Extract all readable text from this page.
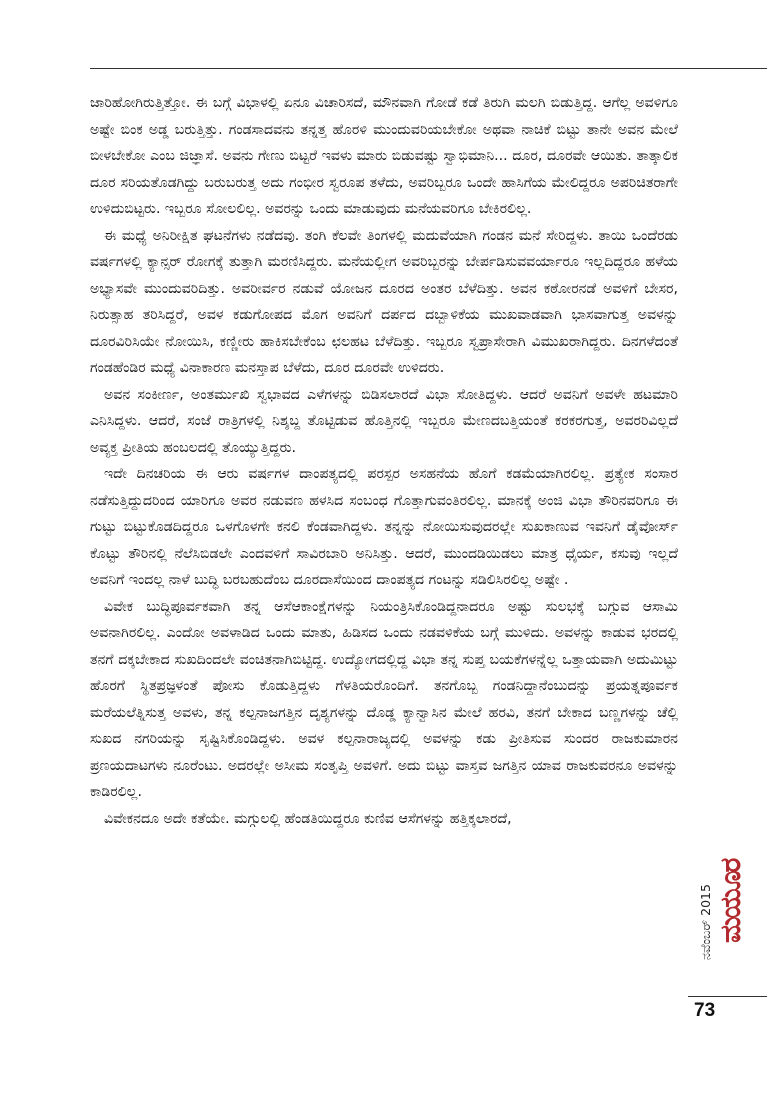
ಜಾರಿಹೋಗಿರುತ್ತಿತ್ತೋ. ಈ ಬಗ್ಗೆ ವಿಭಾಳಲ್ಲಿ ಏನೂ ವಿಚಾರಿಸದೆ, ಮೌನವಾಗಿ ಗೋಡೆ ಕಡೆ ತಿರುಗಿ ಮಲಗಿ ಬಿಡುತ್ತಿದ್ದ. ಆಗೆಲ್ಲ ಅವಳಿಗೂ ಅಷ್ಟೇ ಬಿಂಕ ಅಡ್ಡ ಬರುತ್ತಿತ್ತು. ಗಂಡಸಾದವನು ತನ್ನತ್ತ ಹೊರಳಿ ಮುಂದುವರಿಯಬೇಕೋ ಅಥವಾ ನಾಚಿಕೆ ಬಿಟ್ಟು ತಾನೇ ಅವನ ಮೇಲೆ ಬೀಳಬೇಕೋ ಎಂಬ ಜಿಜ್ಞಾಸೆ. ಅವನು ಗೇಣು ಬಿಟ್ಟರೆ ಇವಳು ಮಾರು ಬಿಡುವಷ್ಟು ಸ್ವಾಭಿಮಾನಿ... ದೂರ, ದೂರವೇ ಆಯಿತು. ತಾತ್ಕಾಲಿಕ ದೂರ ಸರಿಯತೊಡಗಿದ್ದು ಬರುಬರುತ್ತ ಅದು ಗಂಭೀರ ಸ್ವರೂಪ ತಳೆದು, ಅವರಿಬ್ಬರೂ ಒಂದೇ ಹಾಸಿಗೆಯ ಮೇಲಿದ್ದರೂ ಅಪರಿಚಿತರಾಗೇ ಉಳಿದುಬಿಟ್ಟರು. ಇಬ್ಬರೂ ಸೋಲಲಿಲ್ಲ. ಅವರನ್ನು ಒಂದು ಮಾಡುವುದು ಮನೆಯವರಿಗೂ ಬೇಕಿರಲಿಲ್ಲ.

ಈ ಮಧ್ಯೆ ಅನಿರೀಕ್ಷಿತ ಘಟನೆಗಳು ನಡೆದವು. ತಂಗಿ ಕೆಲವೇ ತಿಂಗಳಲ್ಲಿ ಮದುವೆಯಾಗಿ ಗಂಡನ ಮನೆ ಸೇರಿದ್ದಳು. ತಾಯಿ ಒಂದೆರಡು ವರ್ಷಗಳಲ್ಲಿ ಕ್ಯಾನ್ಸರ್ ರೋಗಕ್ಕೆ ತುತ್ತಾಗಿ ಮರಣಿಸಿದ್ದರು. ಮನೆಯಲ್ಲೀಗ ಅವರಿಬ್ಬರನ್ನು ಬೇರ್ಪಡಿಸುವವರ್ಯಾರೂ ಇಲ್ಲದಿದ್ದರೂ ಹಳೆಯ ಅಭ್ಯಾಸವೇ ಮುಂದುವರಿದಿತ್ತು. ಅವರೀರ್ವರ ನಡುವೆ ಯೋಜನ ದೂರದ ಅಂತರ ಬೆಳೆದಿತ್ತು. ಅವನ ಕಠೋರನಡೆ ಅವಳಿಗೆ ಬೇಸರ, ನಿರುತ್ಸಾಹ ತರಿಸಿದ್ದರೆ, ಅವಳ ಕಡುಗೋಪದ ಮೊಗ ಅವನಿಗೆ ದರ್ಪದ ದಬ್ಬಾಳಿಕೆಯ ಮುಖವಾಡವಾಗಿ ಭಾಸವಾಗುತ್ತ ಅವಳನ್ನು ದೂರವಿರಿಸಿಯೇ ನೋಯಿಸಿ, ಕಣ್ಣೀರು ಹಾಕಿಸಬೇಕೆಂಬ ಛಲಹಟ ಬೆಳೆದಿತ್ತು. ಇಬ್ಬರೂ ಸ್ವಪ್ರಾಸೇರಾಗಿ ವಿಮುಖರಾಗಿದ್ದರು. ದಿನಗಳೆದಂತೆ ಗಂಡಹೆಂಡಿರ ಮಧ್ಯೆ ವಿನಾಕಾರಣ ಮನಸ್ತಾಪ ಬೆಳೆದು, ದೂರ ದೂರವೇ ಉಳಿದರು.

ಅವನ ಸಂಕೀರ್ಣ, ಅಂತರ್ಮುಖಿ ಸ್ವಭಾವದ ಎಳೆಗಳನ್ನು ಬಿಡಿಸಲಾರದೆ ವಿಭಾ ಸೋತಿದ್ದಳು. ಆದರೆ ಅವನಿಗೆ ಅವಳೇ ಹಟಮಾರಿ ಎನಿಸಿದ್ದಳು. ಆದರೆ, ಸಂಜೆ ರಾತ್ರಿಗಳಲ್ಲಿ ನಿಶ್ಶಬ್ದ ತೊಟ್ಟಿಡುವ ಹೊತ್ತಿನಲ್ಲಿ ಇಬ್ಬರೂ ಮೇಣದಬತ್ತಿಯಂತೆ ಕರಕರಗುತ್ತ, ಅವರರಿವಿಲ್ಲದೆ ಅವ್ಯಕ್ತ ಪ್ರೀತಿಯ ಹಂಬಲದಲ್ಲಿ ತೊಯ್ಯುತ್ತಿದ್ದರು.

ಇದೇ ದಿನಚರಿಯ ಈ ಆರು ವರ್ಷಗಳ ದಾಂಪತ್ಯದಲ್ಲಿ ಪರಸ್ಪರ ಅಸಹನೆಯ ಹೊಗೆ ಕಡಮೆಯಾಗಿರಲಿಲ್ಲ. ಪ್ರತ್ಯೇಕ ಸಂಸಾರ ನಡೆಸುತ್ತಿದ್ದುದರಿಂದ ಯಾರಿಗೂ ಅವರ ನಡುವಣ ಹಳಸಿದ ಸಂಬಂಧ ಗೊತ್ತಾಗುವಂತಿರಲಿಲ್ಲ. ಮಾನಕ್ಕೆ ಅಂಜಿ ವಿಭಾ ತೌರಿನವರಿಗೂ ಈ ಗುಟ್ಟು ಬಿಟ್ಟುಕೊಡದಿದ್ದರೂ ಒಳಗೊಳಗೇ ಕನಲಿ ಕೆಂಡವಾಗಿದ್ದಳು. ತನ್ನನ್ನು ನೋಯಿಸುವುದರಲ್ಲೇ ಸುಖಕಾಣುವ ಇವನಿಗೆ ಡೈವೋರ್ಸ್ ಕೊಟ್ಟು ತೌರಿನಲ್ಲಿ ನೆಲೆಸಿಬಿಡಲೇ ಎಂದವಳಿಗೆ ಸಾವಿರಬಾರಿ ಅನಿಸಿತ್ತು. ಆದರೆ, ಮುಂದಡಿಯಿಡಲು ಮಾತ್ರ ಧೈರ್ಯ, ಕಸುವು ಇಲ್ಲದೆ ಅವನಿಗೆ ಇಂದಲ್ಲ ನಾಳೆ ಬುದ್ಧಿ ಬರಬಹುದೆಂಬ ದೂರದಾಸೆಯಿಂದ ದಾಂಪತ್ಯದ ಗಂಟನ್ನು ಸಡಿಲಿಸಿರಲಿಲ್ಲ ಅಷ್ಟೇ .

ವಿವೇಕ ಬುದ್ಧಿಪೂರ್ವಕವಾಗಿ ತನ್ನ ಆಸೆಆಕಾಂಕ್ಷೆಗಳನ್ನು ನಿಯಂತ್ರಿಸಿಕೊಂಡಿದ್ದನಾದರೂ ಅಷ್ಟು ಸುಲಭಕ್ಕೆ ಬಗ್ಗುವ ಆಸಾಮಿ ಅವನಾಗಿರಲಿಲ್ಲ. ಎಂದೋ ಅವಳಾಡಿದ ಒಂದು ಮಾತು, ಹಿಡಿಸದ ಒಂದು ನಡವಳಿಕೆಯ ಬಗ್ಗೆ ಮುಳಿದು. ಅವಳನ್ನು ಕಾಡುವ ಭರದಲ್ಲಿ ತನಗೆ ದಕ್ಕಬೇಕಾದ ಸುಖದಿಂದಲೇ ವಂಚಿತನಾಗಿಬಿಟ್ಟಿದ್ದ. ಉದ್ಯೋಗದಲ್ಲಿದ್ದ ವಿಭಾ ತನ್ನ ಸುಪ್ತ ಬಯಕೆಗಳನ್ನೆಲ್ಲ ಒತ್ತಾಯವಾಗಿ ಅದುಮಿಟ್ಟು ಹೊರಗೆ ಸ್ಥಿತಪ್ರಜ್ಞಳಂತೆ ಪೋಸು ಕೊಡುತ್ತಿದ್ದಳು ಗೆಳತಿಯರೊಂದಿಗೆ. ತನಗೊಬ್ಬ ಗಂಡನಿದ್ದಾನೆಂಬುದನ್ನು ಪ್ರಯತ್ನಪೂರ್ವಕ ಮರೆಯಲೆತ್ನಿಸುತ್ತ ಅವಳು, ತನ್ನ ಕಲ್ಪನಾಜಗತ್ತಿನ ದೃಶ್ಯಗಳನ್ನು ದೊಡ್ಡ ಕ್ಯಾನ್ವಾಸಿನ ಮೇಲೆ ಹರವಿ, ತನಗೆ ಬೇಕಾದ ಬಣ್ಣಗಳನ್ನು ಚೆಲ್ಲಿ ಸುಖದ ನಗರಿಯನ್ನು ಸೃಷ್ಟಿಸಿಕೊಂಡಿದ್ದಳು. ಅವಳ ಕಲ್ಪನಾರಾಜ್ಯದಲ್ಲಿ ಅವಳನ್ನು ಕಡು ಪ್ರೀತಿಸುವ ಸುಂದರ ರಾಜಕುಮಾರನ ಪ್ರಣಯದಾಟಗಳು ನೂರೆಂಟು. ಅದರಲ್ಲೇ ಅಸೀಮ ಸಂತೃಪ್ತಿ ಅವಳಿಗೆ. ಅದು ಬಿಟ್ಟು ವಾಸ್ತವ ಜಗತ್ತಿನ ಯಾವ ರಾಜಕುವರನೂ ಅವಳನ್ನು ಕಾಡಿರಲಿಲ್ಲ.

ವಿವೇಕನದೂ ಅದೇ ಕತೆಯೇ. ಮಗ್ಗುಲಲ್ಲಿ ಹೆಂಡತಿಯಿದ್ದರೂ ಕುಣಿವ ಆಸೆಗಳನ್ನು ಹತ್ತಿಕ್ಕಲಾರದೆ,

ನವೆಂಬರ್ 2015 ಮಯೂರ
73
